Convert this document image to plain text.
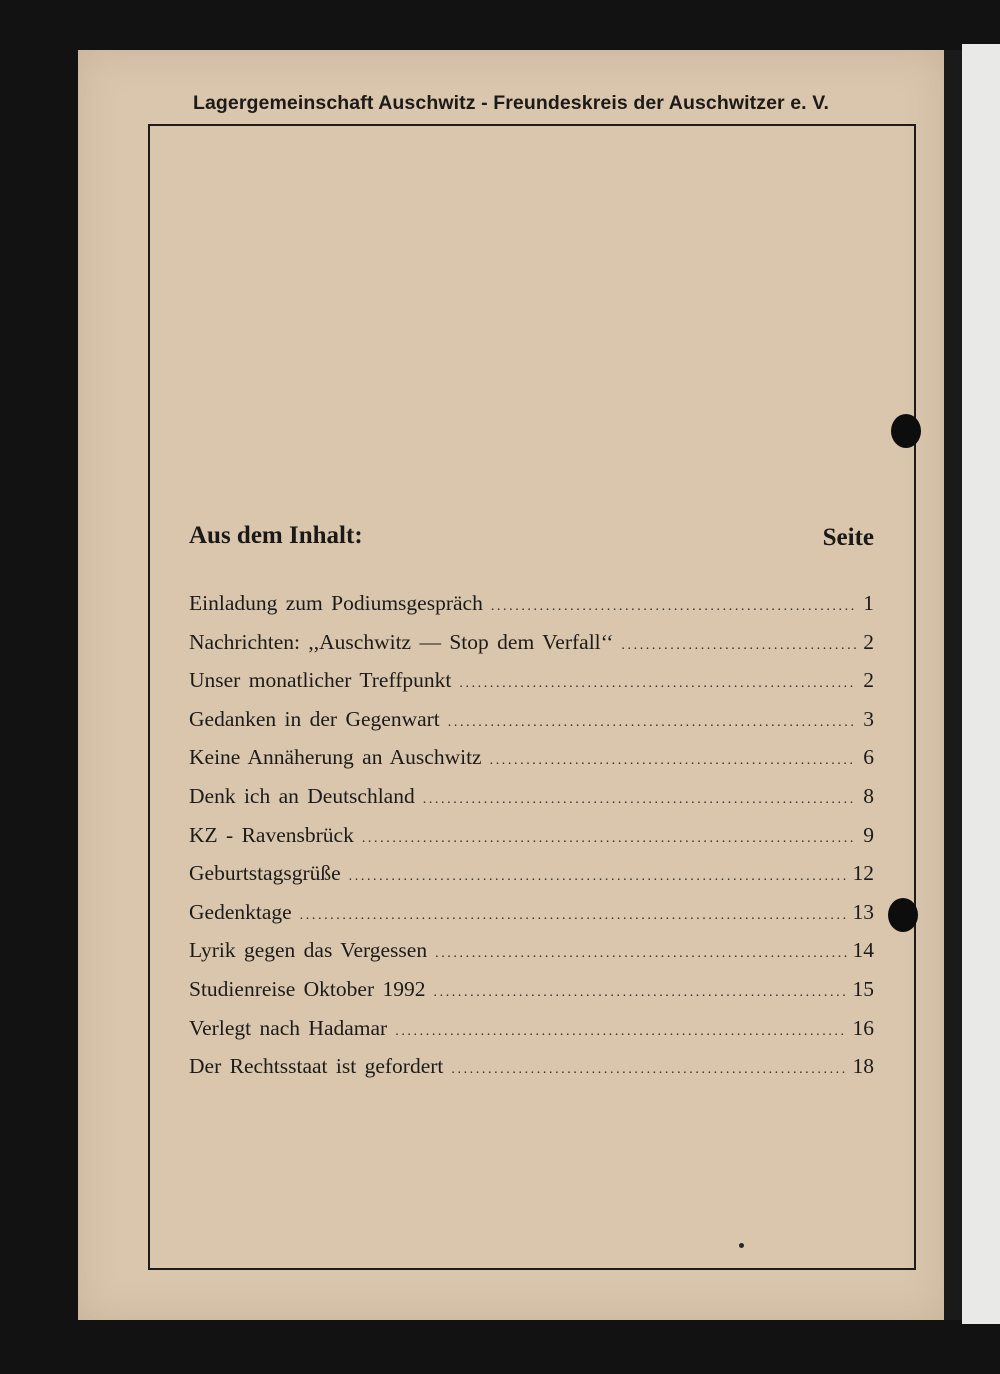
Lagergemeinschaft Auschwitz - Freundeskreis der Auschwitzer e. V.
Aus dem Inhalt:	Seite
Einladung zum Podiumsgespräch .....	1
Nachrichten: ,,Auschwitz — Stop dem Verfall‘‘ .....	2
Unser monatlicher Treffpunkt .....	2
Gedanken in der Gegenwart .....	3
Keine Annäherung an Auschwitz .....	6
Denk ich an Deutschland .....	8
KZ - Ravensbrück .....	9
Geburtstagsgrüße .....	12
Gedenktage .....	13
Lyrik gegen das Vergessen .....	14
Studienreise Oktober 1992 .....	15
Verlegt nach Hadamar .....	16
Der Rechtsstaat ist gefordert .....	18
